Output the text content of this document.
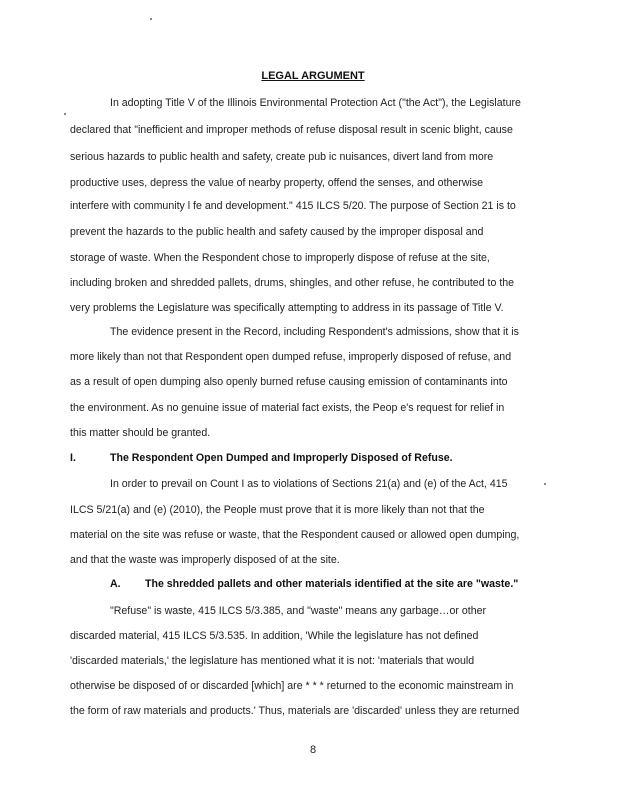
LEGAL ARGUMENT
In adopting Title V of the Illinois Environmental Protection Act ("the Act"), the Legislature
declared that "inefficient and improper methods of refuse disposal result in scenic blight, cause
serious hazards to public health and safety, create pub ic nuisances, divert land from more
productive uses, depress the value of nearby property, offend the senses, and otherwise
interfere with community l fe and development." 415 ILCS 5/20. The purpose of Section 21 is to
prevent the hazards to the public health and safety caused by the improper disposal and
storage of waste. When the Respondent chose to improperly dispose of refuse at the site,
including broken and shredded pallets, drums, shingles, and other refuse, he contributed to the
very problems the Legislature was specifically attempting to address in its passage of Title V.
The evidence present in the Record, including Respondent's admissions, show that it is
more likely than not that Respondent open dumped refuse, improperly disposed of refuse, and
as a result of open dumping also openly burned refuse causing emission of contaminants into
the environment. As no genuine issue of material fact exists, the Peop e's request for relief in
this matter should be granted.
I.	The Respondent Open Dumped and Improperly Disposed of Refuse.
In order to prevail on Count I as to violations of Sections 21(a) and (e) of the Act, 415
ILCS 5/21(a) and (e) (2010), the People must prove that it is more likely than not that the
material on the site was refuse or waste, that the Respondent caused or allowed open dumping,
and that the waste was improperly disposed of at the site.
A. The shredded pallets and other materials identified at the site are "waste."
"Refuse" is waste, 415 ILCS 5/3.385, and "waste" means any garbage…or other
discarded material, 415 ILCS 5/3.535. In addition, 'While the legislature has not defined
'discarded materials,' the legislature has mentioned what it is not: 'materials that would
otherwise be disposed of or discarded [which] are * * * returned to the economic mainstream in
the form of raw materials and products.' Thus, materials are 'discarded' unless they are returned
8
